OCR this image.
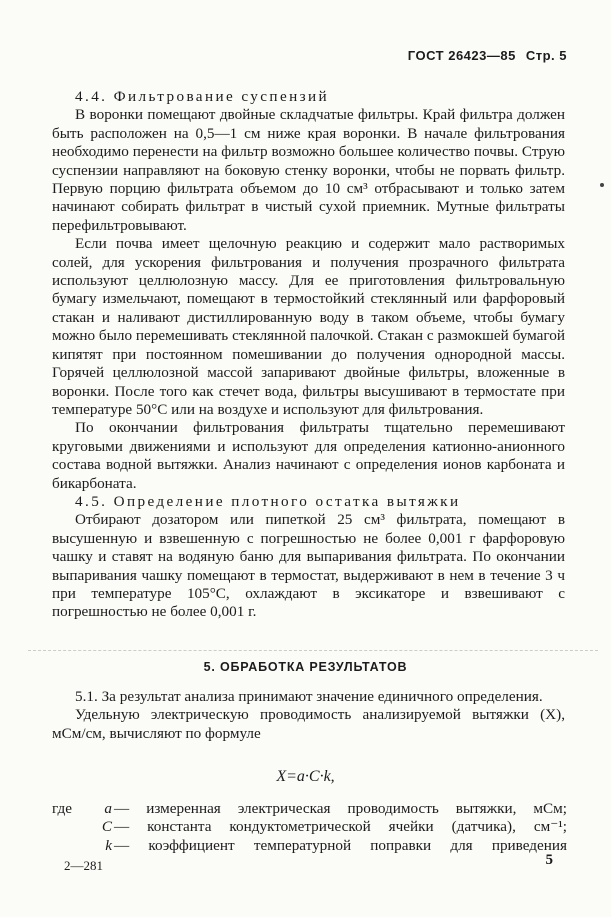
ГОСТ 26423—85 Стр. 5

4.4. Фильтрование суспензий

В воронки помещают двойные складчатые фильтры. Край фильтра должен быть расположен на 0,5—1 см ниже края воронки. В начале фильтрования необходимо перенести на фильтр возможно большее количество почвы. Струю суспензии направляют на боковую стенку воронки, чтобы не порвать фильтр. Первую порцию фильтрата объемом до 10 см³ отбрасывают и только затем начинают собирать фильтрат в чистый сухой приемник. Мутные фильтраты перефильтровывают.

Если почва имеет щелочную реакцию и содержит мало растворимых солей, для ускорения фильтрования и получения прозрачного фильтрата используют целлюлозную массу. Для ее приготовления фильтровальную бумагу измельчают, помещают в термостойкий стеклянный или фарфоровый стакан и наливают дистиллированную воду в таком объеме, чтобы бумагу можно было перемешивать стеклянной палочкой. Стакан с размокшей бумагой кипятят при постоянном помешивании до получения однородной массы. Горячей целлюлозной массой запаривают двойные фильтры, вложенные в воронки. После того как стечет вода, фильтры высушивают в термостате при температуре 50°С или на воздухе и используют для фильтрования.

По окончании фильтрования фильтраты тщательно перемешивают круговыми движениями и используют для определения катионно-анионного состава водной вытяжки. Анализ начинают с определения ионов карбоната и бикарбоната.

4.5. Определение плотного остатка вытяжки

Отбирают дозатором или пипеткой 25 см³ фильтрата, помещают в высушенную и взвешенную с погрешностью не более 0,001 г фарфоровую чашку и ставят на водяную баню для выпаривания фильтрата. По окончании выпаривания чашку помещают в термостат, выдерживают в нем в течение 3 ч при температуре 105°С, охлаждают в эксикаторе и взвешивают с погрешностью не более 0,001 г.

5. ОБРАБОТКА РЕЗУЛЬТАТОВ

5.1. За результат анализа принимают значение единичного определения.

Удельную электрическую проводимость анализируемой вытяжки (X), мСм/см, вычисляют по формуле

X=a·C·k,
где a — измеренная электрическая проводимость вытяжки, мСм;
C — константа кондуктометрической ячейки (датчика), см⁻¹;
k — коэффициент температурной поправки для приведения
2—281	5
